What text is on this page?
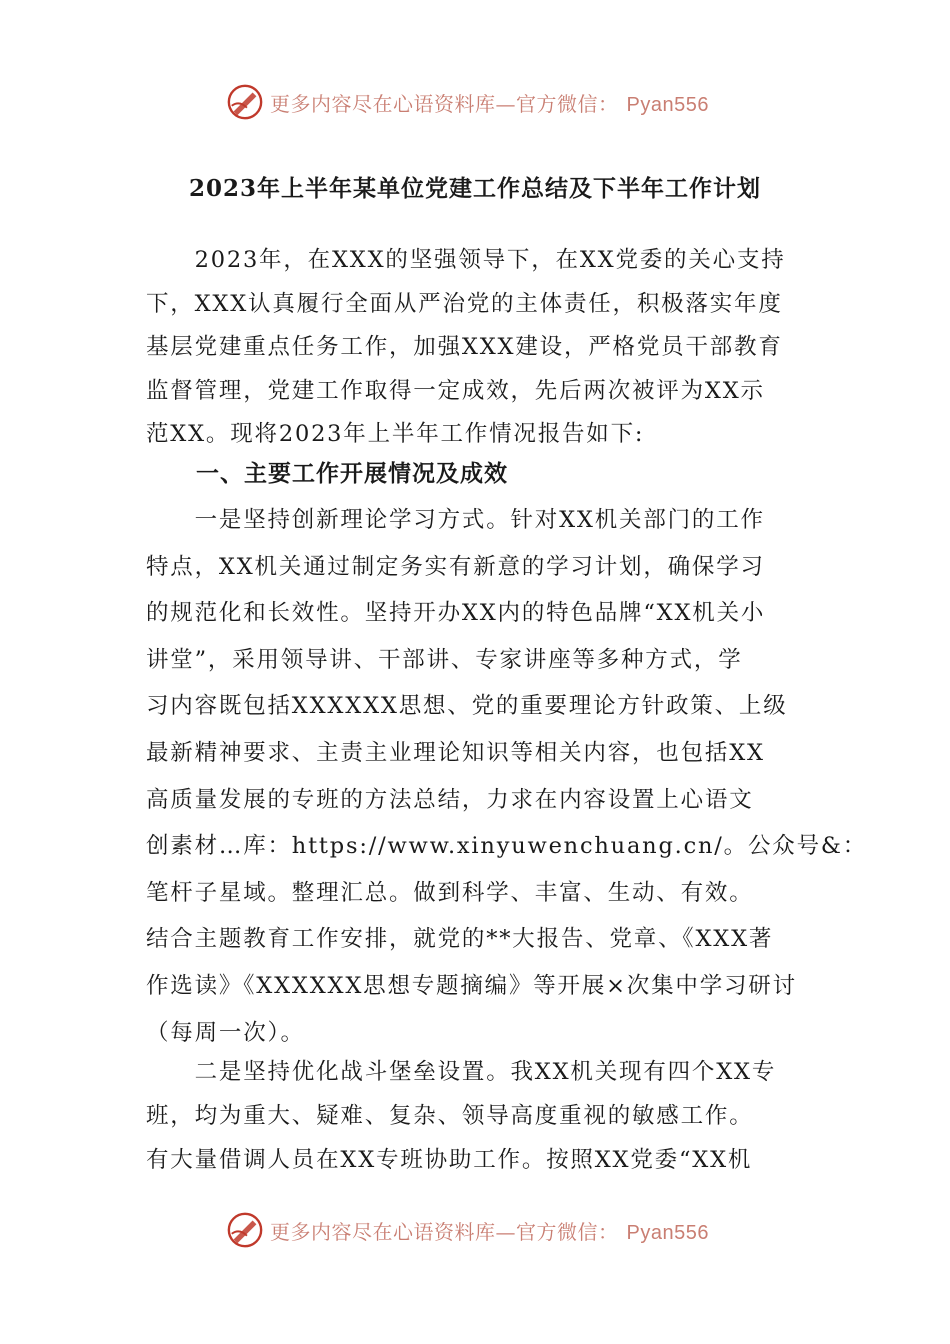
更多内容尽在心语资料库—官方微信： Pyan556
2023年上半年某单位党建工作总结及下半年工作计划

　　2023年，在XXX的坚强领导下，在XX党委的关心支持
下，XXX认真履行全面从严治党的主体责任，积极落实年度
基层党建重点任务工作，加强XXX建设，严格党员干部教育
监督管理，党建工作取得一定成效，先后两次被评为XX示
范XX。现将2023年上半年工作情况报告如下:

一、主要工作开展情况及成效

　　一是坚持创新理论学习方式。针对XX机关部门的工作
特点，XX机关通过制定务实有新意的学习计划，确保学习
的规范化和长效性。坚持开办XX内的特色品牌“XX机关小
讲堂”，采用领导讲、干部讲、专家讲座等多种方式，学
习内容既包括XXXXXX思想、党的重要理论方针政策、上级
最新精神要求、主责主业理论知识等相关内容，也包括XX
高质量发展的专班的方法总结，力求在内容设置上心语文
创素材…库：https://www.xinyuwenchuang.cn/。公众号&：
笔杆子星域。整理汇总。做到科学、丰富、生动、有效。
结合主题教育工作安排，就党的**大报告、党章、《XXX著
作选读》《XXXXXX思想专题摘编》等开展×次集中学习研讨
（每周一次）。

　　二是坚持优化战斗堡垒设置。我XX机关现有四个XX专
班，均为重大、疑难、复杂、领导高度重视的敏感工作。
有大量借调人员在XX专班协助工作。按照XX党委“XX机

更多内容尽在心语资料库—官方微信： Pyan556
